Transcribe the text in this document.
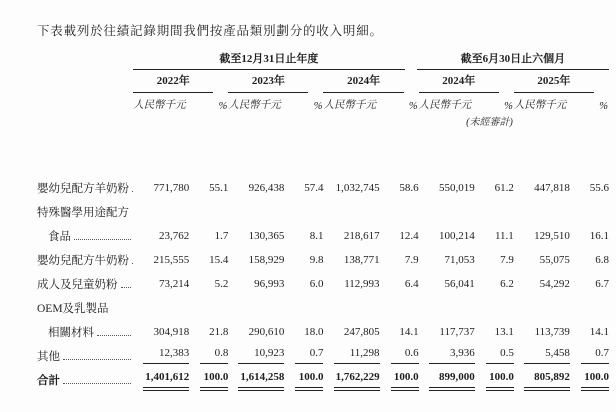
下表載列於往績記錄期間我們按產品類別劃分的收入明細。

	截至12月31日止年度						截至6月30日止六個月			

	2022年		2023年		2024年		2024年		2025年	

	人民幣千元	%	人民幣千元	%	人民幣千元	%	人民幣千元	%	人民幣千元	%

							(未經審計)			

嬰幼兒配方羊奶粉	771,780	55.1	926,438	57.4	1,032,745	58.6	550,019	61.2	447,818	55.6

特殊醫學用途配方										

食品	23,762	1.7	130,365	8.1	218,617	12.4	100,214	11.1	129,510	16.1

嬰幼兒配方牛奶粉	215,555	15.4	158,929	9.8	138,771	7.9	71,053	7.9	55,075	6.8

成人及兒童奶粉	73,214	5.2	96,993	6.0	112,993	6.4	56,041	6.2	54,292	6.7

OEM及乳製品										

相關材料	304,918	21.8	290,610	18.0	247,805	14.1	117,737	13.1	113,739	14.1

其他	12,383	0.8	10,923	0.7	11,298	0.6	3,936	0.5	5,458	0.7

合計	1,401,612	100.0	1,614,258	100.0	1,762,229	100.0	899,000	100.0	805,892	100.0
